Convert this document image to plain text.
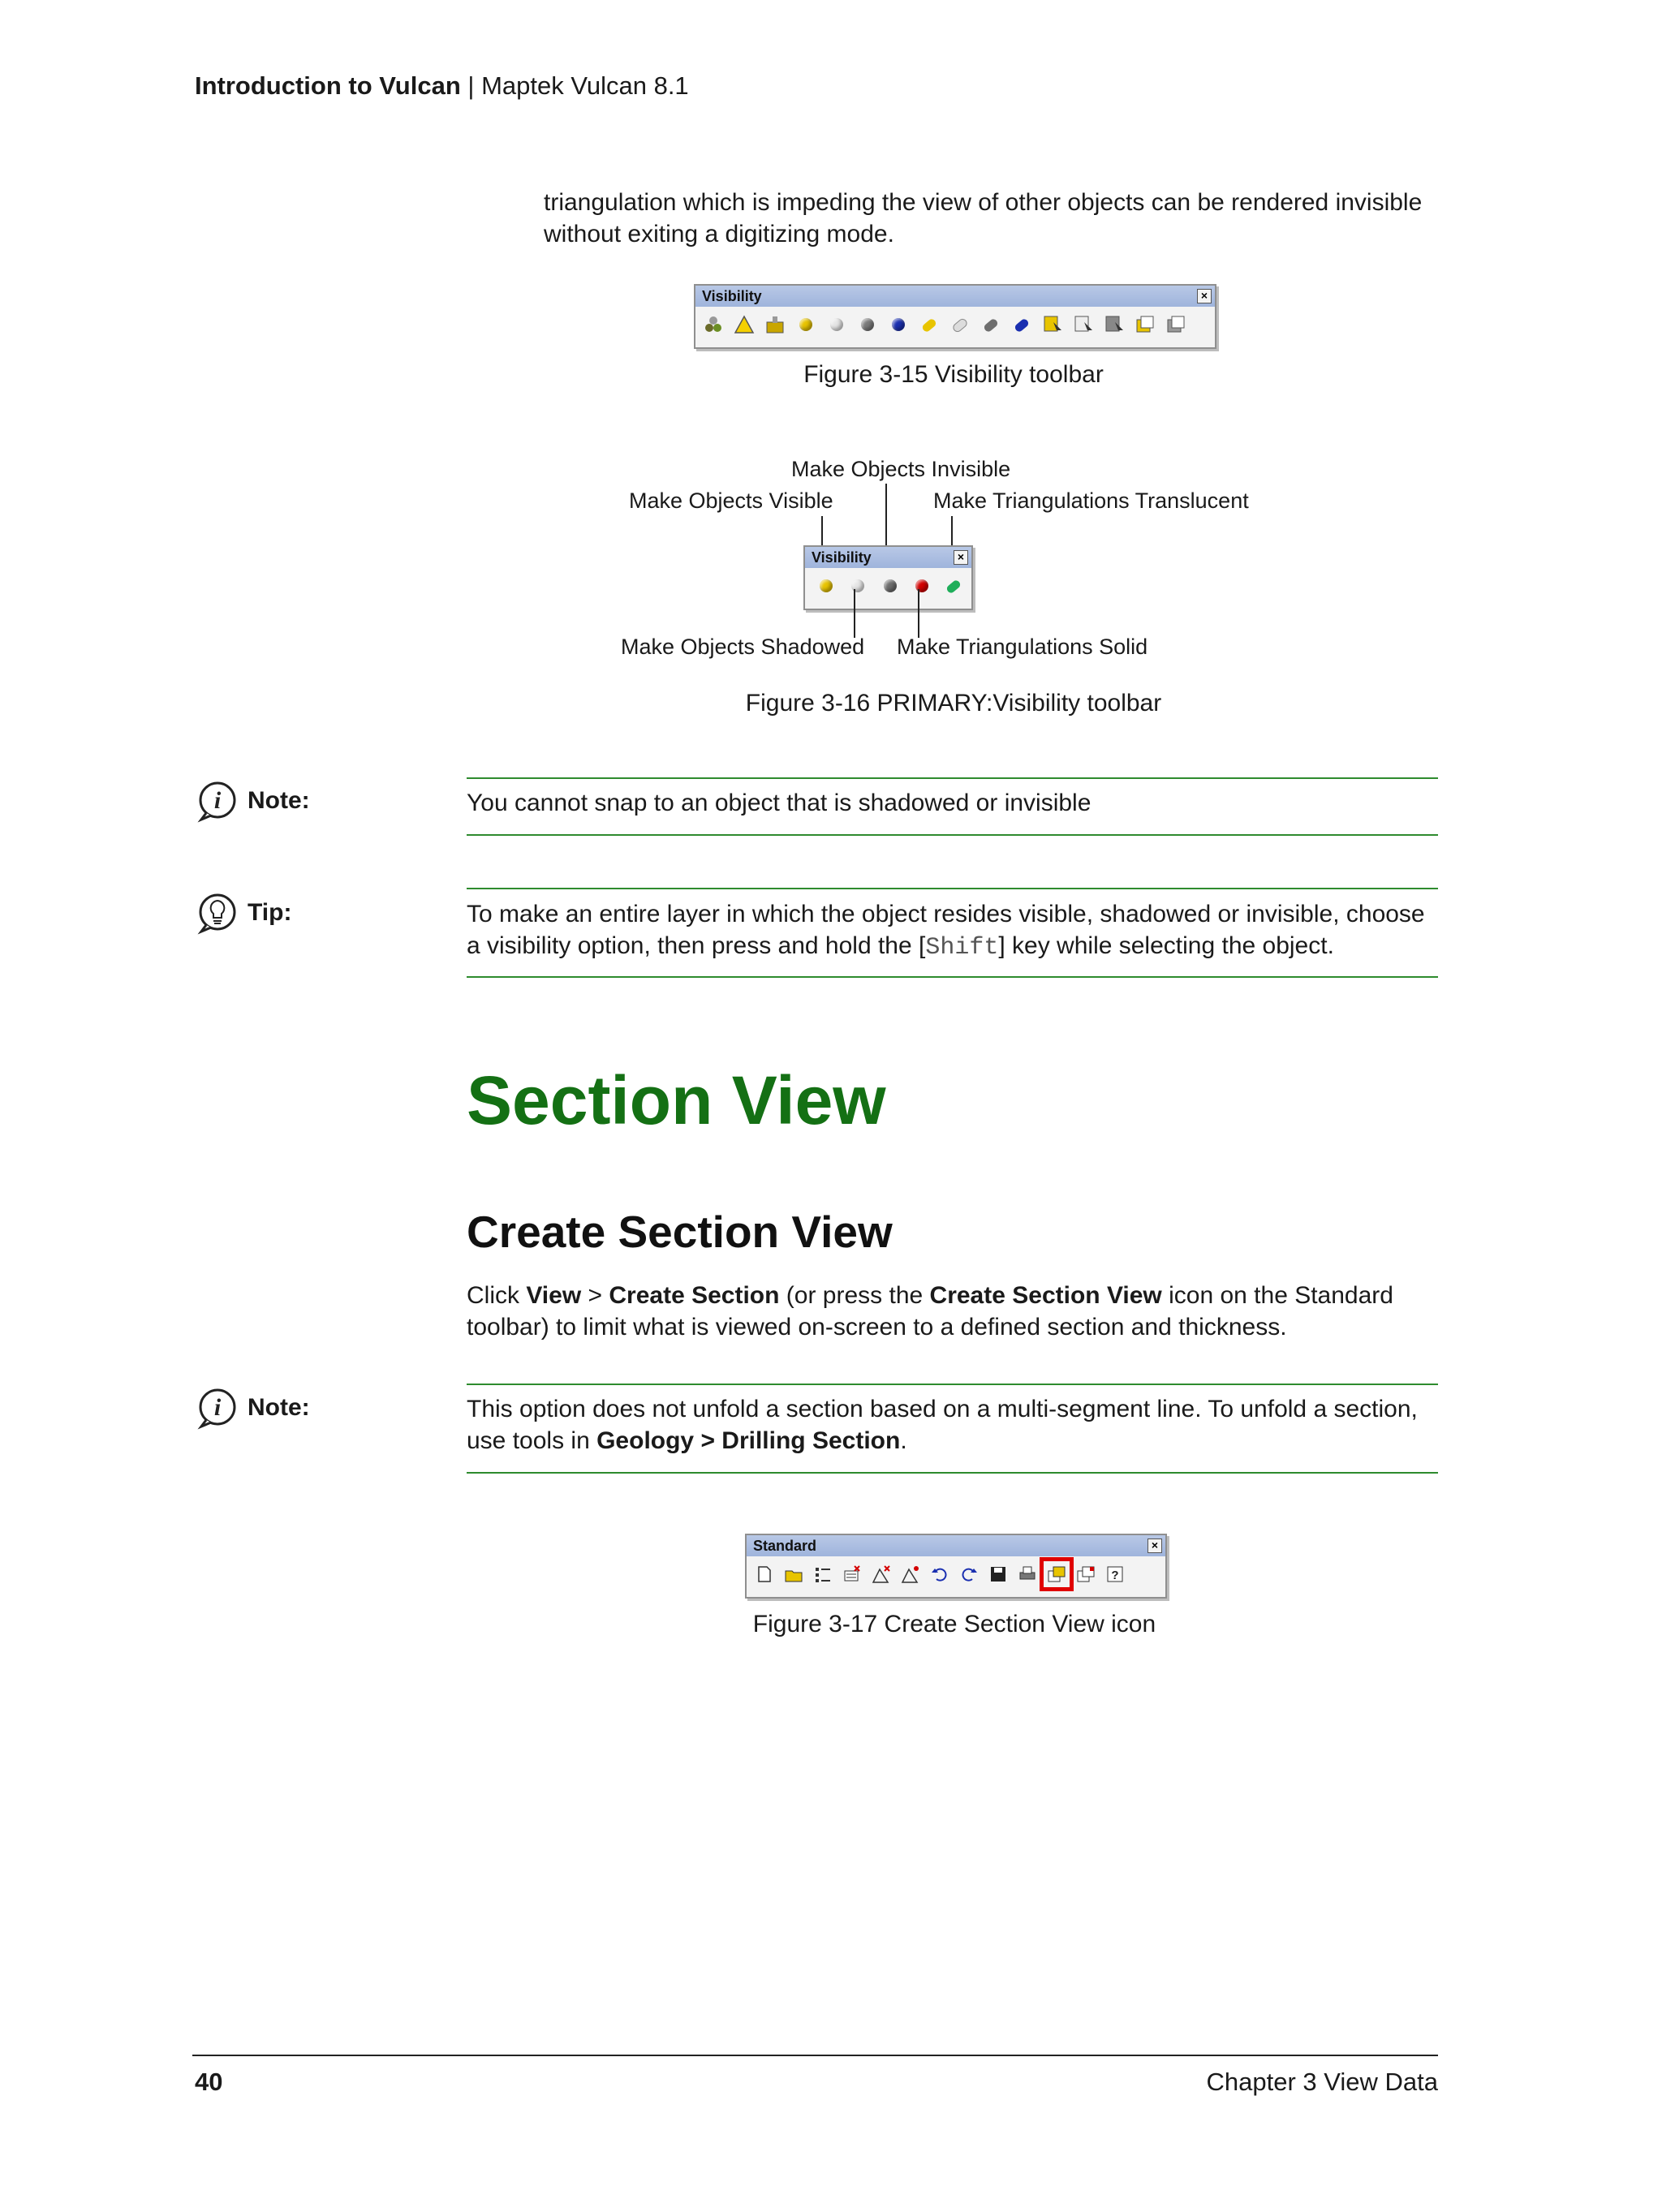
Introduction to Vulcan | Maptek Vulcan 8.1
triangulation which is impeding the view of other objects can be rendered invisible without exiting a digitizing mode.
Visibility	×
Figure 3-15 Visibility toolbar
Make Objects Invisible
Make Objects Visible	Make Triangulations Translucent
Visibility	×
Make Objects Shadowed Make Triangulations Solid
Figure 3-16 PRIMARY:Visibility toolbar
i Note:	You cannot snap to an object that is shadowed or invisible
Tip:	To make an entire layer in which the object resides visible, shadowed or invisible, choose a visibility option, then press and hold the [Shift] key while selecting the object.
Section View
Create Section View
Click View > Create Section (or press the Create Section View icon on the Standard toolbar) to limit what is viewed on-screen to a defined section and thickness.
i Note:	This option does not unfold a section based on a multi-segment line. To unfold a section, use tools in Geology > Drilling Section.
Standard	×
?
Figure 3-17 Create Section View icon
40	Chapter 3 View Data
